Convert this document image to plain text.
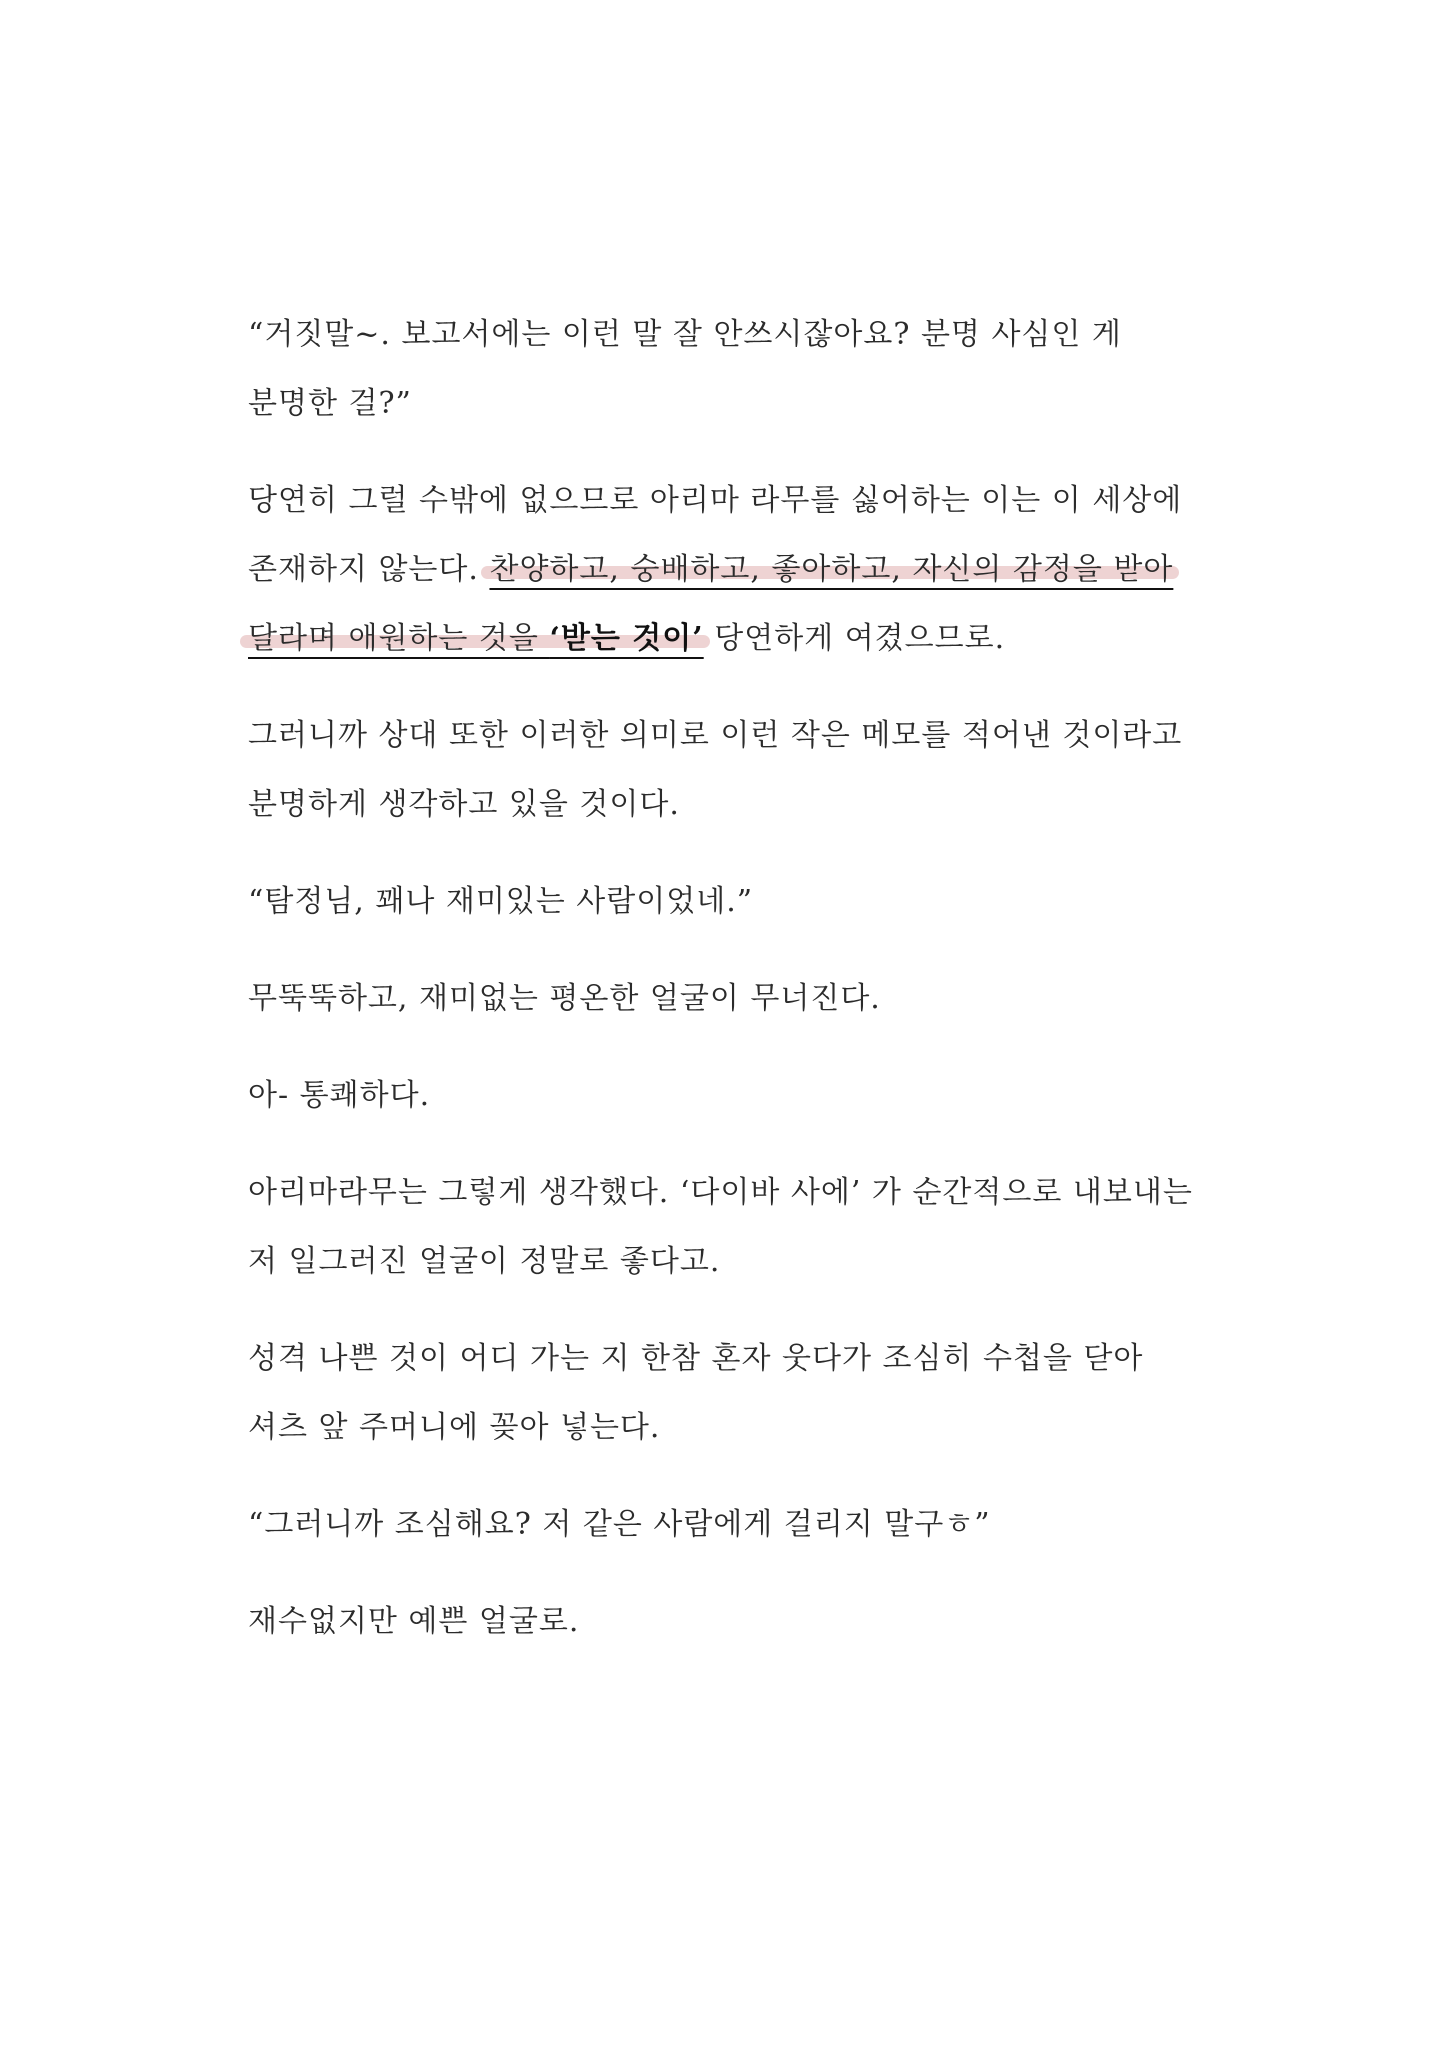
“거짓말~. 보고서에는 이런 말 잘 안쓰시잖아요? 분명 사심인 게
분명한 걸?”
당연히 그럴 수밖에 없으므로 아리마 라무를 싫어하는 이는 이 세상에
존재하지 않는다. 찬양하고, 숭배하고, 좋아하고, 자신의 감정을 받아
달라며 애원하는 것을 ‘받는 것이’ 당연하게 여겼으므로.
그러니까 상대 또한 이러한 의미로 이런 작은 메모를 적어낸 것이라고
분명하게 생각하고 있을 것이다.
“탐정님, 꽤나 재미있는 사람이었네.”
무뚝뚝하고, 재미없는 평온한 얼굴이 무너진다.
아- 통쾌하다.
아리마라무는 그렇게 생각했다. ‘다이바 사에’ 가 순간적으로 내보내는
저 일그러진 얼굴이 정말로 좋다고.
성격 나쁜 것이 어디 가는 지 한참 혼자 웃다가 조심히 수첩을 닫아
셔츠 앞 주머니에 꽂아 넣는다.
“그러니까 조심해요? 저 같은 사람에게 걸리지 말구ㅎ”
재수없지만 예쁜 얼굴로.
